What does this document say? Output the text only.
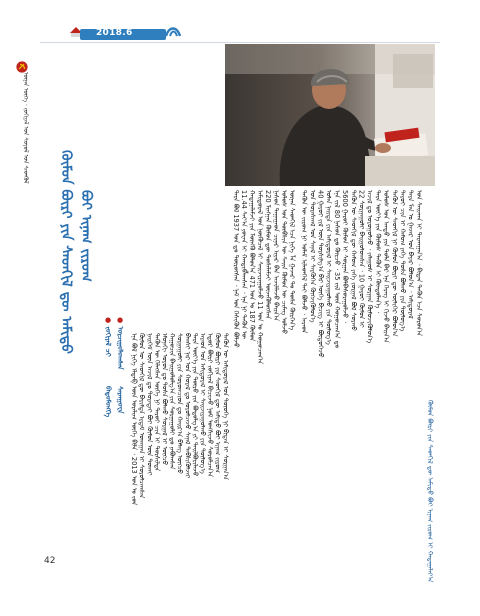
2018.6
ᠦᠨᠡᠨ ᠦᠭᠡ · ᠵᠣᠬᠢᠶᠠᠯ ᠤᠨ ᠰᠣᠶᠣᠯ ᠤᠨ ᠰᠡᠳᠬᠦᠯ
ᠬᠦᠮᠦᠨ ᠪᠦᠷᠢ ᠶᠢᠨ ᠰᠡᠳᠬᠢᠯ ᠳᠦ ᠠᠮᠢᠳᠤ ᠪᠤᠢ ᠢᠨᠠᠭ ᠵᠢᠷᠤᠭ
● ᠵᠣᠬᠢᠶᠠᠯ ᠴᠢ
ᠪᠠᠲᠤᠮᠥᠩᠬᠡ
● ᠣᠷᠴᠢᠭᠤᠯᠤᠭᠰᠠᠨ
ᠰᠠᠷᠠᠨᠭᠤᠸᠠ
42
ᠡᠨᠡ ᠪᠣᠯ ᠨᠢᠭᠡ ᠡᠯᠳᠡᠪ ᠦᠨ ᠤᠷᠠᠯᠢᠭ ᠦᠭᠡ ᠪᠢᠯᠡ ᠂ 2013 ᠣᠨ ᠤ ᠵᠤᠨ ᠬᠦᠮᠦᠨ ᠦ ᠰᠡᠳᠬᠢᠯ ᠳᠦ ᠪᠠᠷᠢᠮᠲᠠ ᠡᠷᠳᠡᠮ ᠤᠬᠠᠭᠠᠨ ᠢ ᠰᠤᠷᠤᠯᠴᠠᠭᠰᠠᠨ ᠨᠡᠢᠭᠡᠮ ᠦᠨ ᠠᠵᠢᠯ ᠳᠤ ᠳᠤᠷᠠᠲᠠᠢ ᠪᠤᠢ ᠬᠦᠮᠦᠨ ᠦᠨ ᠲᠤᠬᠠᠢ ᠲᠡᠭᠦᠨ ᠦ ᠬᠡᠯᠡᠭᠰᠡᠨ ᠦᠭᠡ ᠨᠢ ᠳᠠᠷᠤᠢ ᠴᠢᠨ ᠢ ᠲᠤᠷᠰᠢᠯᠲᠠ ᠡᠮᠦᠨᠡᠬᠢ ᠣᠷᠤᠨ ᠳᠤ ᠲᠤᠰᠠ ᠪᠣᠯᠬᠤ ᠰᠤᠷᠭᠠᠯ ᠢ ᠦᠭᠴᠦ ᠬᠠᠭᠤᠴᠢᠨ ᠪᠠᠢᠭᠤᠯᠤᠯᠭ᠎ᠠ ᠶᠢᠨ ᠰᠤᠷᠭᠠᠭᠤᠯᠢ ᠳᠤ ᠶᠠᠪᠤᠭᠰᠠᠨ ᠰᠤᠷᠭᠠᠭᠤᠯᠢ ᠶᠢᠨ ᠰᠤᠷᠤᠭᠴᠢᠳ ᠳᠤ ᠬᠠᠢᠷ᠎ᠠ ᠪᠡᠯᠡᠭ ᠦᠭᠴᠦ ᠪᠠᠭᠰᠢ ᠨᠠᠷ ᠤᠨ ᠬᠤᠷᠠᠯ ᠳᠤ ᠣᠷᠣᠯᠴᠠᠵᠤ ᠰᠠᠨᠠᠯ ᠳᠡᠪᠰᠢᠭᠦᠯᠵᠡᠢ ᠲᠡᠷᠡ ᠦᠶ᠎ᠡ ᠶᠢᠨ ᠲᠦᠷᠦ ᠶᠢᠨ ᠪᠤᠳᠤᠯᠭ᠎ᠠ ᠶᠢ ᠲᠠᠢᠯᠪᠤᠷᠢᠯᠠᠵᠤ ᠠᠷᠠᠳ ᠤᠨ ᠠᠮᠢᠳᠤᠷᠠᠯ ᠢ ᠰᠠᠢᠵᠢᠷᠠᠭᠤᠯᠬᠤ ᠶᠢᠨ ᠲᠥᠯᠥᠭ᠎ᠡ ᠡᠳᠦᠷ ᠪᠦᠷᠢ ᠵᠣᠬᠢᠶᠠᠯ ᠪᠢᠴᠢᠵᠦ ᠨᠣᠮ ᠤᠩᠰᠢᠵᠤ ᠰᠤᠷᠤᠯᠴᠠᠨ᠎ᠠ ᠬᠦᠮᠦᠨ ᠪᠦᠷᠢ ᠶᠢᠨ ᠰᠡᠳᠬᠢᠯ ᠳᠦ ᠠᠮᠢᠳᠤ ᠪᠤᠢ ᠢᠨᠠᠭ ᠵᠢᠷᠤᠭ ᠲᠡᠭᠦᠨ ᠦ ᠠᠮᠢᠳᠤᠷᠠᠯ ᠤᠨ ᠲᠦᠦᠬᠡ ᠨᠢ ᠪᠢᠳᠡᠨ ᠢ ᠰᠤᠷᠭᠠᠨ᠎ᠠ
ᠲᠡᠷᠡ ᠪᠣᠯ 1937 ᠣᠨ ᠳᠤ ᠲᠥᠷᠦᠭᠰᠡᠨ ᠂ ᠨᠠᠮ ᠤᠨ ᠭᠡᠰᠢᠭᠦᠨ ᠪᠣᠯᠵᠤ 11.44 ᠰᠠᠶ᠎ᠠ ᠶᠤᠸᠠᠨ ᠢ ᠬᠠᠨᠳᠢᠪᠯᠠᠭᠰᠠᠨ ᠂ ᠡᠨᠡ ᠨᠢ ᠲᠡᠭᠦᠨ ᠦ ᠬᠠᠳᠠᠭᠠᠯᠠᠮᠵᠢ ᠶᠢᠨ ᠮᠥᠩᠭᠦ ᠪᠣᠯᠤᠨ᠎ᠠ 471 ᠣᠨ ᠤ 187 ᠬᠦᠮᠦᠨ ᠠᠮᠢᠳᠤᠷᠠᠯ ᠤᠨ ᠨᠥᠬᠥᠴᠡᠯ ᠢ ᠰᠠᠢᠵᠢᠷᠠᠭᠤᠯᠵᠤ 11 ᠣᠨ ᠤ ᠬᠤᠭᠤᠴᠠᠭ᠎ᠠ 220 ᠮᠢᠩᠭ᠋ᠠᠨ ᠬᠦᠮᠦᠨ ᠳᠦ ᠲᠤᠰᠠᠯᠠᠮᠵᠢ ᠦᠵᠡᠭᠦᠯᠦᠭᠰᠡᠨ ᠨᠠᠰᠤᠨ ᠳᠠᠭᠠᠭᠠᠳ ᠴᠢᠨᠠᠷ ᠢᠶᠠᠷ ᠪᠡᠨ ᠠᠵᠢᠯᠯᠠᠵᠤ ᠪᠠᠢᠨ᠎ᠠ ᠤᠯᠤᠰ ᠤᠨ ᠲᠦᠪᠰᠢᠨ ᠦ ᠰᠠᠢᠨ ᠬᠦᠮᠦᠨ ᠦ ᠴᠢᠮᠡᠭ ᠣᠯᠵᠤ ᠦᠨᠡᠨ ᠰᠡᠳᠬᠢᠯ ᠡᠴᠡ ᠨᠢᠭᠡ ᠯᠡ ᠭᠠᠵᠠᠷ ᠲᠤ ᠲᠤᠰᠠ ᠬᠦᠷᠭᠡᠨ᠎ᠡ ᠲᠡᠭᠦᠨ ᠦ ᠵᠢᠷᠤᠭ ᠨᠢ ᠤᠯᠠᠮ ᠢᠯᠡᠳᠭᠡᠯ ᠲᠡᠢ ᠪᠣᠯᠵᠤ ᠂ ᠠᠷᠠᠳ ᠤᠨ ᠳᠤᠷᠠᠰᠬᠠᠯ ᠤᠨ ᠰᠠᠨᠠᠯ ᠢ ᠰᠡᠷᠭᠦᠭᠡᠨ ᠬᠥᠭᠵᠢᠭᠦᠯᠦᠨ᠎ᠡ 40 ᠭᠠᠷᠤᠢ ᠵᠢᠯ ᠦᠨ ᠲᠤᠷᠰᠢᠯᠭ᠎ᠠ ᠪᠠᠷ ᠦᠭᠡ ᠪᠢᠴᠢᠭ ᠢ ᠪᠦᠲᠦᠭᠡᠵᠦ ᠣᠯᠠᠨ ᠨᠡᠢᠲᠡ ᠶᠢᠨ ᠠᠮᠢᠳᠤᠷᠠᠯ ᠢ ᠰᠠᠢᠵᠢᠷᠠᠭᠤᠯᠬᠤ ᠶᠢᠨ ᠲᠥᠯᠥᠭ᠎ᠡ ᠡᠨᠡ ᠵᠢᠯ 80 ᠨᠠᠰᠤᠨ ᠳᠤ ᠬᠦᠷᠴᠦ ᠂ 35 ᠵᠢᠯ ᠦᠨ ᠬᠤᠭᠤᠴᠠᠭ᠎ᠠ ᠳᠤ 5600 ᠭᠠᠷᠤᠢ ᠬᠦᠮᠦᠨ ᠢ ᠰᠤᠷᠭᠠᠨ ᠪᠣᠯᠪᠠᠰᠤᠷᠠᠭᠤᠯᠵᠤ ᠂ ᠲᠡᠭᠦᠨ ᠦ ᠰᠡᠳᠬᠢᠯ ᠳᠦ ᠬᠠᠮᠤᠭ ᠶᠡᠬᠡ ᠵᠤᠷᠭᠠᠯ ᠪᠣᠯ ᠰᠤᠷᠬᠤ 22 ᠰᠤᠷᠭᠠᠭᠤᠯᠢ ᠪᠠᠢᠭᠤᠯᠤᠭᠰᠠᠨ ᠂ 10 ᠭᠠᠷᠤᠢ ᠬᠦᠮᠦᠨ ᠢ ᠠᠵᠢᠯ ᠳᠤ ᠣᠷᠣᠭᠤᠯᠵᠤ ᠂ ᠵᠠᠯᠠᠭᠤᠰ ᠢ ᠰᠤᠷᠭᠠᠨ ᠬᠥᠮᠦᠵᠢᠭᠦᠯᠦᠨ᠎ᠡ ᠲᠡᠷᠡ ᠦᠶ᠎ᠡ ᠶᠢᠨ ᠬᠦᠮᠦᠰ ᠲᠡᠭᠦᠨ ᠢ ᠬᠦᠨᠳᠦᠯᠡᠨ᠎ᠡ ᠂ ᠤᠯᠤᠰ ᠤᠨ ᠠᠨᠳᠤ ᠶᠢᠨ ᠲᠤᠯᠠ ᠪᠠᠷ ᠡᠨᠡ ᠬᠡᠷᠡᠭ ᠢ ᠬᠢᠵᠦ ᠪᠠᠢᠨ᠎ᠠ ᠲᠡᠭᠦᠨ ᠦ ᠰᠡᠳᠬᠢᠯ ᠨᠢ ᠬᠦᠮᠦᠨ ᠪᠦᠷᠢ ᠳᠦ ᠦᠯᠢᠭᠡᠷ ᠪᠣᠯᠤᠨ᠎ᠠ ᠳᠠᠷᠤᠢ ᠴᠢᠨ ᠢ ᠬᠠᠮᠤᠭ ᠶᠡᠬᠡ ᠲᠤᠰᠠ ᠪᠣᠯᠬᠤ ᠶᠢᠨ ᠲᠥᠯᠥᠭ᠎ᠡ ᠲᠡᠷᠡ ᠮᠠᠨ ᠤ ᠭᠠᠵᠠᠷ ᠤᠨ ᠪᠠᠶᠠᠷ ᠪᠣᠯᠤᠨ᠎ᠠ ᠂ ᠠᠮᠢᠳᠤᠷᠠᠯ ᠤᠨ ᠰᠠᠢᠬᠠᠨ ᠢ ᠲᠠᠷᠬᠠᠭᠠᠨ᠎ᠠ ᠂ ᠪᠢᠳᠡᠨ ᠲᠡᠭᠦᠨ ᠡᠴᠡ ᠰᠤᠷᠤᠨ᠎ᠠ
ᠬᠦᠮᠦᠨ ᠪᠦᠷᠢ ᠶᠢᠨ ᠰᠡᠳᠬᠢᠯ ᠳᠦ ᠠᠮᠢᠳᠤ ᠪᠤᠢ ᠢᠨᠠᠭ ᠵᠢᠷᠤᠭ ᠢ ᠬᠠᠳᠠᠭᠠᠯᠠᠶ᠎ᠠ
